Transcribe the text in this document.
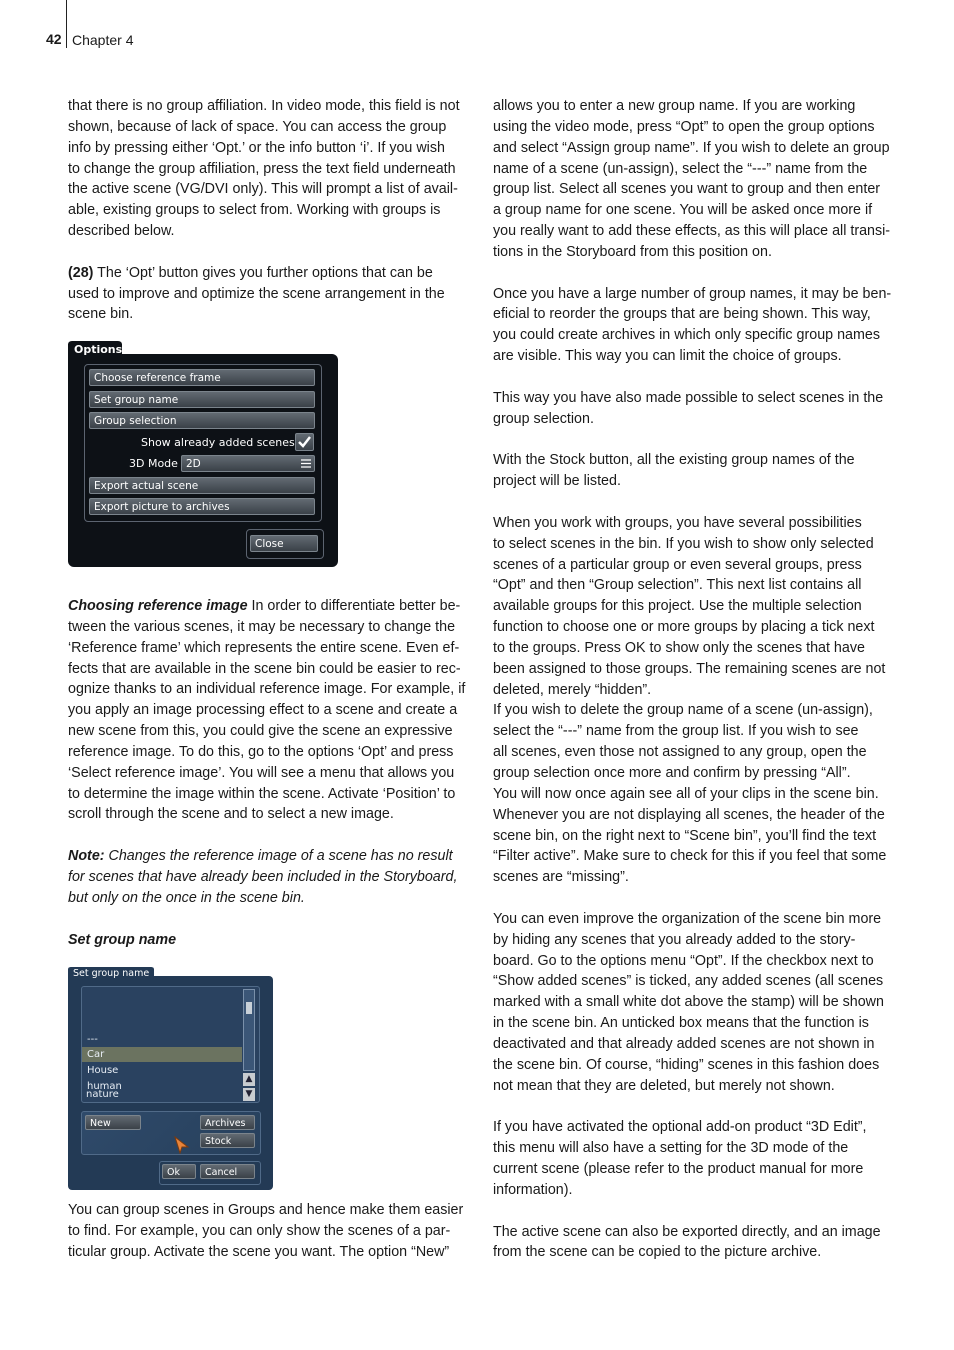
42 Chapter 4

that there is no group affiliation. In video mode, this field is not

shown, because of lack of space. You can access the group

info by pressing either ‘Opt.’ or the info button ‘i’. If you wish

to change the group affiliation, press the text field underneath

the active scene (VG/DVI only). This will prompt a list of avail-

able, existing groups to select from. Working with groups is

described below.

(28) The ‘Opt’ button gives you further options that can be

used to improve and optimize the scene arrangement in the

scene bin.

Options
Choose reference frame
Set group name
Group selection
Show already added scenes
3D Mode 2D
Export actual scene
Export picture to archives
Close

Choosing reference image In order to differentiate better be-

tween the various scenes, it may be necessary to change the

‘Reference frame’ which represents the entire scene. Even ef-

fects that are available in the scene bin could be easier to rec-

ognize thanks to an individual reference image. For example, if

you apply an image processing effect to a scene and create a

new scene from this, you could give the scene an expressive

reference image. To do this, go to the options ‘Opt’ and press

‘Select reference image’. You will see a menu that allows you

to determine the image within the scene. Activate ‘Position’ to

scroll through the scene and to select a new image.

Note: Changes the reference image of a scene has no result

for scenes that have already been included in the Storyboard,

but only on the once in the scene bin.

Set group name

Set group name
---
Car
House
human
▲
▼
nature
New	Archives
Stock
Ok	Cancel

You can group scenes in Groups and hence make them easier

to find. For example, you can only show the scenes of a par-

ticular group. Activate the scene you want. The option “New”

allows you to enter a new group name. If you are working

using the video mode, press “Opt” to open the group options

and select “Assign group name”. If you wish to delete an group

name of a scene (un-assign), select the “---” name from the

group list. Select all scenes you want to group and then enter

a group name for one scene. You will be asked once more if

you really want to add these effects, as this will place all transi-

tions in the Storyboard from this position on.

Once you have a large number of group names, it may be ben-

eficial to reorder the groups that are being shown. This way,

you could create archives in which only specific group names

are visible. This way you can limit the choice of groups.

This way you have also made possible to select scenes in the

group selection.

With the Stock button, all the existing group names of the

project will be listed.

When you work with groups, you have several possibilities

to select scenes in the bin. If you wish to show only selected

scenes of a particular group or even several groups, press

“Opt” and then “Group selection”. This next list contains all

available groups for this project. Use the multiple selection

function to choose one or more groups by placing a tick next

to the groups. Press OK to show only the scenes that have

been assigned to those groups. The remaining scenes are not

deleted, merely “hidden”.

If you wish to delete the group name of a scene (un-assign),

select the “---” name from the group list. If you wish to see

all scenes, even those not assigned to any group, open the

group selection once more and confirm by pressing “All”.

You will now once again see all of your clips in the scene bin.

Whenever you are not displaying all scenes, the header of the

scene bin, on the right next to “Scene bin”, you’ll find the text

“Filter active”. Make sure to check for this if you feel that some

scenes are “missing”.

You can even improve the organization of the scene bin more

by hiding any scenes that you already added to the story-

board. Go to the options menu “Opt”. If the checkbox next to

“Show added scenes” is ticked, any added scenes (all scenes

marked with a small white dot above the stamp) will be shown

in the scene bin. An unticked box means that the function is

deactivated and that already added scenes are not shown in

the scene bin. Of course, “hiding” scenes in this fashion does

not mean that they are deleted, but merely not shown.

If you have activated the optional add-on product “3D Edit”,

this menu will also have a setting for the 3D mode of the

current scene (please refer to the product manual for more

information).

The active scene can also be exported directly, and an image

from the scene can be copied to the picture archive.
